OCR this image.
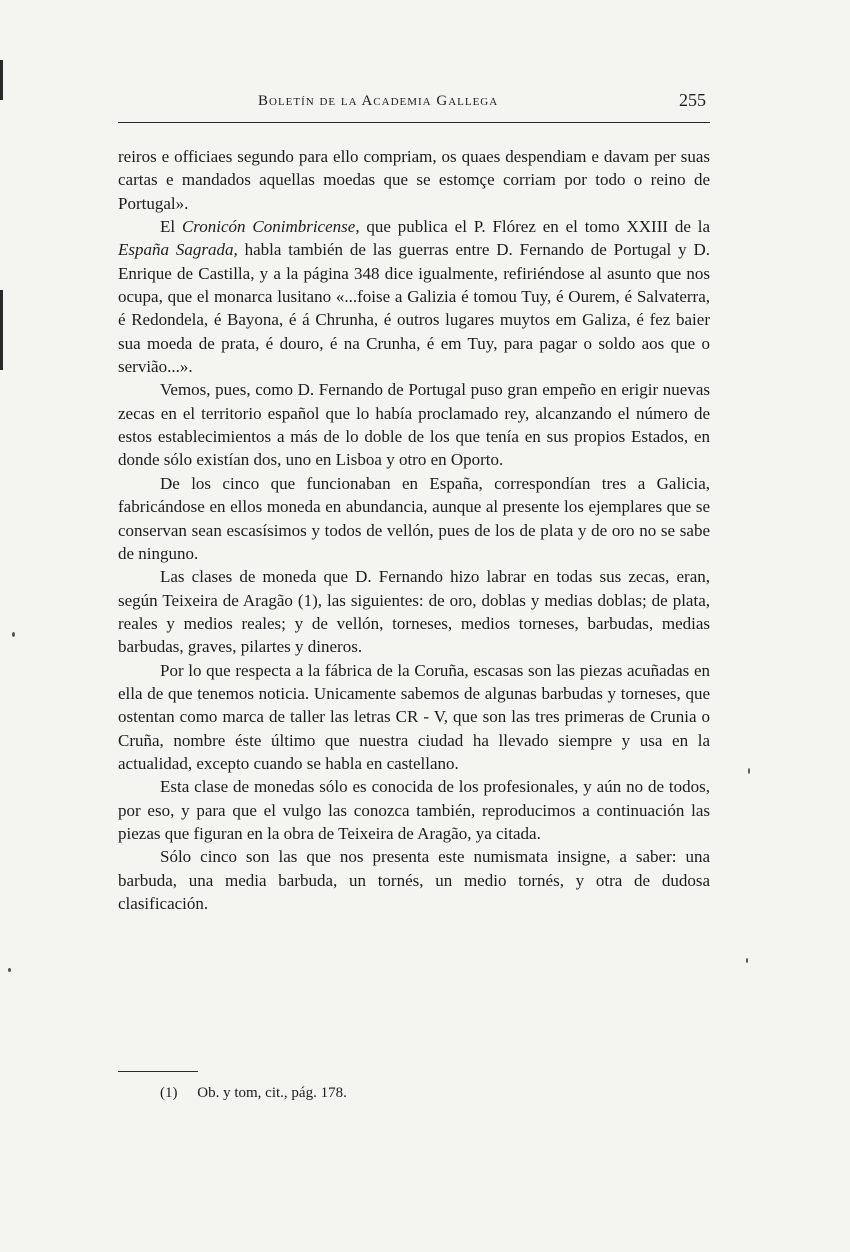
Boletín de la Academia Gallega	255

reiros e officiaes segundo para ello compriam, os quaes despendiam e davam per suas cartas e mandados aquellas moedas que se estomçe corriam por todo o reino de Portugal».

El Cronicón Conimbricense, que publica el P. Flórez en el tomo XXIII de la España Sagrada, habla también de las guerras entre D. Fernando de Portugal y D. Enrique de Castilla, y a la página 348 dice igualmente, refiriéndose al asunto que nos ocupa, que el monarca lusitano «...foise a Galizia é tomou Tuy, é Ourem, é Salvaterra, é Redondela, é Bayona, é á Chrunha, é outros lugares muytos em Galiza, é fez baier sua moeda de prata, é douro, é na Crunha, é em Tuy, para pagar o soldo aos que o servião...».

Vemos, pues, como D. Fernando de Portugal puso gran empeño en erigir nuevas zecas en el territorio español que lo había proclamado rey, alcanzando el número de estos establecimientos a más de lo doble de los que tenía en sus propios Estados, en donde sólo existían dos, uno en Lisboa y otro en Oporto.

De los cinco que funcionaban en España, correspondían tres a Galicia, fabricándose en ellos moneda en abundancia, aunque al presente los ejemplares que se conservan sean escasísimos y todos de vellón, pues de los de plata y de oro no se sabe de ninguno.

Las clases de moneda que D. Fernando hizo labrar en todas sus zecas, eran, según Teixeira de Aragão (1), las siguientes: de oro, doblas y medias doblas; de plata, reales y medios reales; y de vellón, torneses, medios torneses, barbudas, medias barbudas, graves, pilartes y dineros.

Por lo que respecta a la fábrica de la Coruña, escasas son las piezas acuñadas en ella de que tenemos noticia. Unicamente sabemos de algunas barbudas y torneses, que ostentan como marca de taller las letras CR - V, que son las tres primeras de Crunia o Cruña, nombre éste último que nuestra ciudad ha llevado siempre y usa en la actualidad, excepto cuando se habla en castellano.

Esta clase de monedas sólo es conocida de los profesionales, y aún no de todos, por eso, y para que el vulgo las conozca también, reproducimos a continuación las piezas que figuran en la obra de Teixeira de Aragão, ya citada.

Sólo cinco son las que nos presenta este numismata insigne, a saber: una barbuda, una media barbuda, un tornés, un medio tornés, y otra de dudosa clasificación.

(1) Ob. y tom, cit., pág. 178.
